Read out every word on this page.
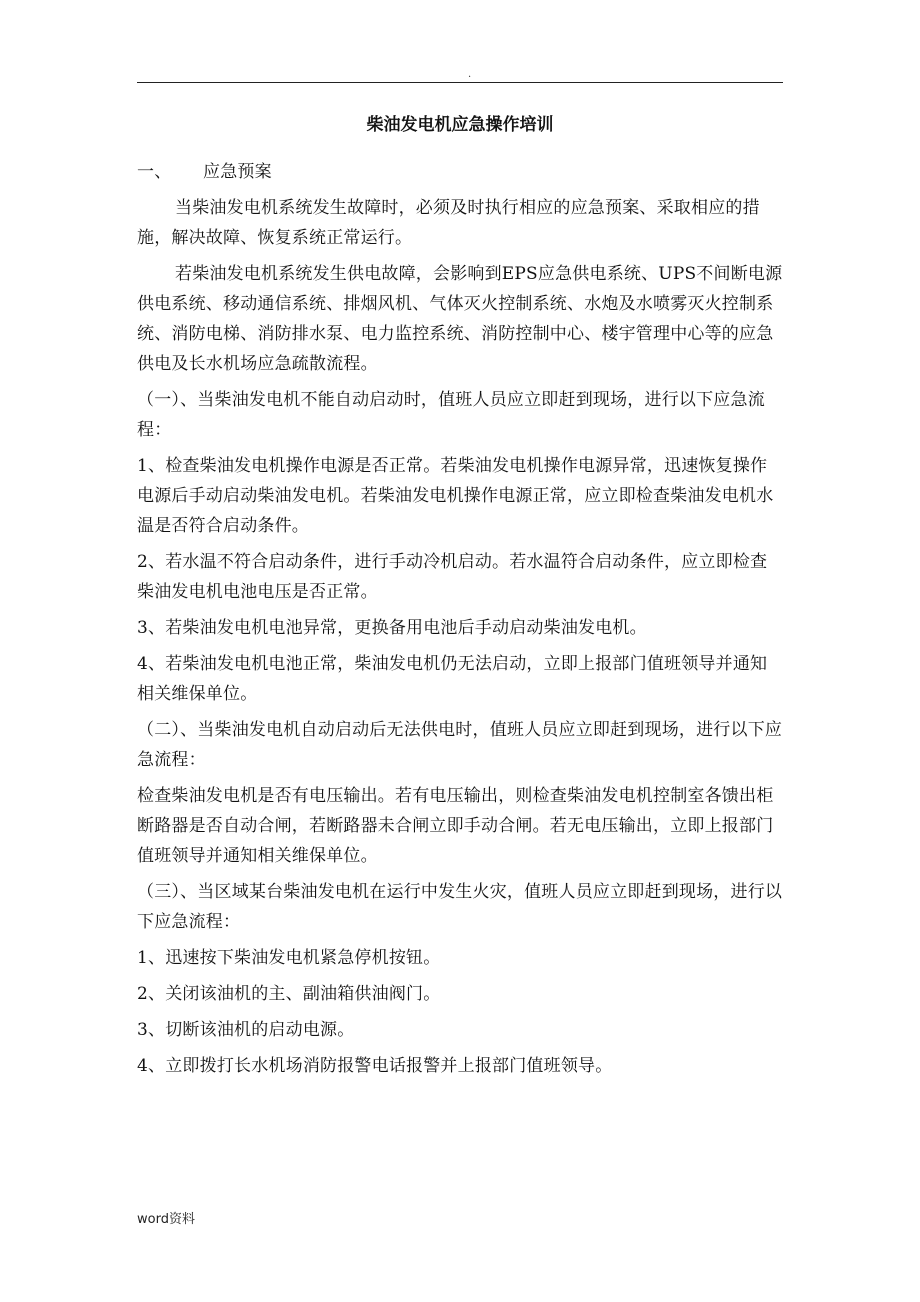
.
柴油发电机应急操作培训

一、 应急预案

当柴油发电机系统发生故障时，必须及时执行相应的应急预案、采取相应的措施，解决故障、恢复系统正常运行。

若柴油发电机系统发生供电故障，会影响到EPS应急供电系统、UPS不间断电源供电系统、移动通信系统、排烟风机、气体灭火控制系统、水炮及水喷雾灭火控制系统、消防电梯、消防排水泵、电力监控系统、消防控制中心、楼宇管理中心等的应急供电及长水机场应急疏散流程。

（一）、当柴油发电机不能自动启动时，值班人员应立即赶到现场，进行以下应急流程：

1、检查柴油发电机操作电源是否正常。若柴油发电机操作电源异常，迅速恢复操作电源后手动启动柴油发电机。若柴油发电机操作电源正常，应立即检查柴油发电机水温是否符合启动条件。

2、若水温不符合启动条件，进行手动冷机启动。若水温符合启动条件，应立即检查柴油发电机电池电压是否正常。

3、若柴油发电机电池异常，更换备用电池后手动启动柴油发电机。

4、若柴油发电机电池正常，柴油发电机仍无法启动，立即上报部门值班领导并通知相关维保单位。

（二）、当柴油发电机自动启动后无法供电时，值班人员应立即赶到现场，进行以下应急流程：

检查柴油发电机是否有电压输出。若有电压输出，则检查柴油发电机控制室各馈出柜断路器是否自动合闸，若断路器未合闸立即手动合闸。若无电压输出，立即上报部门值班领导并通知相关维保单位。

（三）、当区域某台柴油发电机在运行中发生火灾，值班人员应立即赶到现场，进行以下应急流程：

1、迅速按下柴油发电机紧急停机按钮。

2、关闭该油机的主、副油箱供油阀门。

3、切断该油机的启动电源。

4、立即拨打长水机场消防报警电话报警并上报部门值班领导。

word资料
